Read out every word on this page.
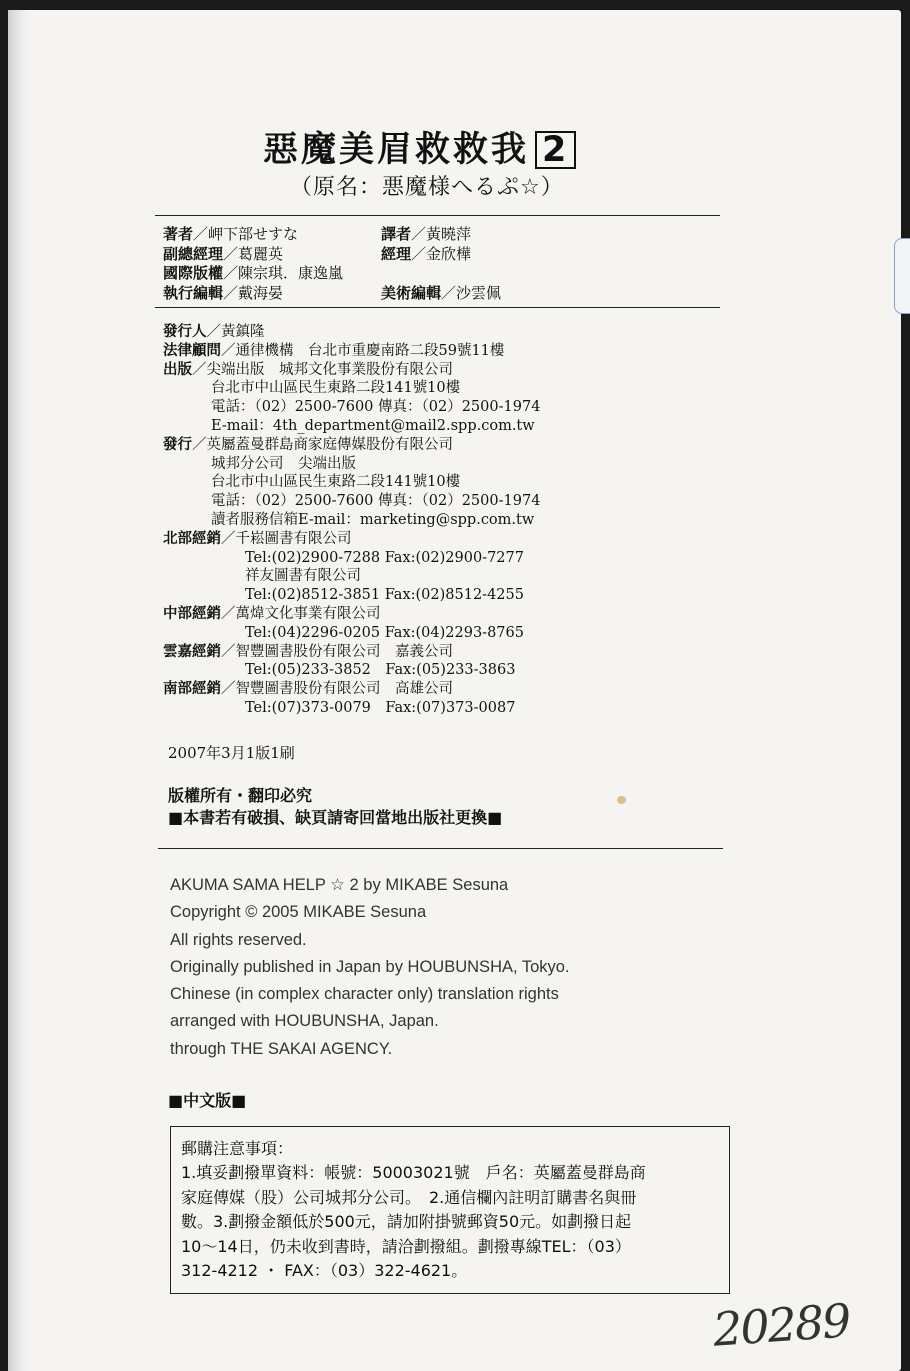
惡魔美眉救救我 2
（原名：悪魔様へるぷ☆）
著者／岬下部せすな	譯者／黃曉萍
副總經理／葛麗英	經理／金欣樺
國際版權／陳宗琪．康逸嵐
執行編輯／戴海晏	美術編輯／沙雲佩
發行人／黃鎮隆
法律顧問／通律機構　台北市重慶南路二段59號11樓
出版／尖端出版　城邦文化事業股份有限公司
台北市中山區民生東路二段141號10樓
電話：（02）2500-7600 傳真：（02）2500-1974
E-mail：4th_department@mail2.spp.com.tw
發行／英屬蓋曼群島商家庭傳媒股份有限公司
城邦分公司　尖端出版
台北市中山區民生東路二段141號10樓
電話：（02）2500-7600 傳真：（02）2500-1974
讀者服務信箱E-mail：marketing@spp.com.tw
北部經銷／千崧圖書有限公司
Tel:(02)2900-7288 Fax:(02)2900-7277
祥友圖書有限公司
Tel:(02)8512-3851 Fax:(02)8512-4255
中部經銷／萬煒文化事業有限公司
Tel:(04)2296-0205 Fax:(04)2293-8765
雲嘉經銷／智豐圖書股份有限公司　嘉義公司
Tel:(05)233-3852　Fax:(05)233-3863
南部經銷／智豐圖書股份有限公司　高雄公司
Tel:(07)373-0079　Fax:(07)373-0087
2007年3月1版1刷
版權所有・翻印必究
■本書若有破損、缺頁請寄回當地出版社更換■
AKUMA SAMA HELP ☆ 2 by MIKABE Sesuna
Copyright © 2005 MIKABE Sesuna
All rights reserved.
Originally published in Japan by HOUBUNSHA, Tokyo.
Chinese (in complex character only) translation rights
arranged with HOUBUNSHA, Japan.
through THE SAKAI AGENCY.
■中文版■
郵購注意事項：
1.填妥劃撥單資料：帳號：50003021號　戶名：英屬蓋曼群島商
家庭傳媒（股）公司城邦分公司。　2.通信欄內註明訂購書名與冊
數。3.劃撥金額低於500元，請加附掛號郵資50元。如劃撥日起
10～14日，仍未收到書時，請洽劃撥組。劃撥專線TEL：（03）
312-4212 ・ FAX：（03）322-4621。
20289
